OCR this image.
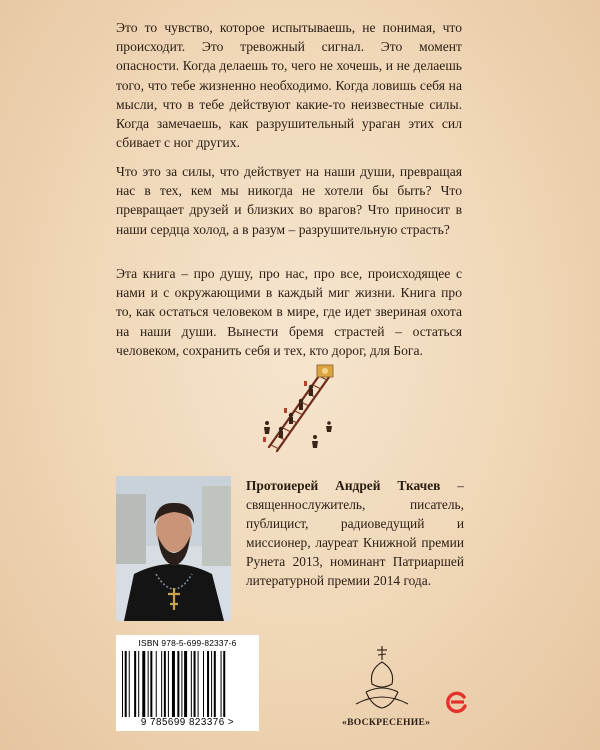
Это то чувство, которое испытываешь, не понимая, что происходит. Это тревожный сигнал. Это момент опасности. Когда делаешь то, чего не хочешь, и не делаешь того, что тебе жизненно необходимо. Когда ловишь себя на мысли, что в тебе действуют какие-то неизвестные силы. Когда замечаешь, как разрушительный ураган этих сил сбивает с ног других.

Что это за силы, что действует на наши души, превращая нас в тех, кем мы никогда не хотели бы быть? Что превращает друзей и близких во врагов? Что приносит в наши сердца холод, а в разум – разрушительную страсть?

Эта книга – про душу, про нас, про все, происходящее с нами и с окружающими в каждый миг жизни. Книга про то, как остаться человеком в мире, где идет звериная охота на наши души. Вынести бремя страстей – остаться человеком, сохранить себя и тех, кто дорог, для Бога.

Протоиерей Андрей Ткачев – священнослужитель, писатель, публицист, радиоведущий и миссионер, лауреат Книжной премии Рунета 2013, номинант Патриаршей литературной премии 2014 года.
ISBN 978-5-699-82337-6
9 785699 823376 >	«ВОСКРЕСЕНИЕ»
